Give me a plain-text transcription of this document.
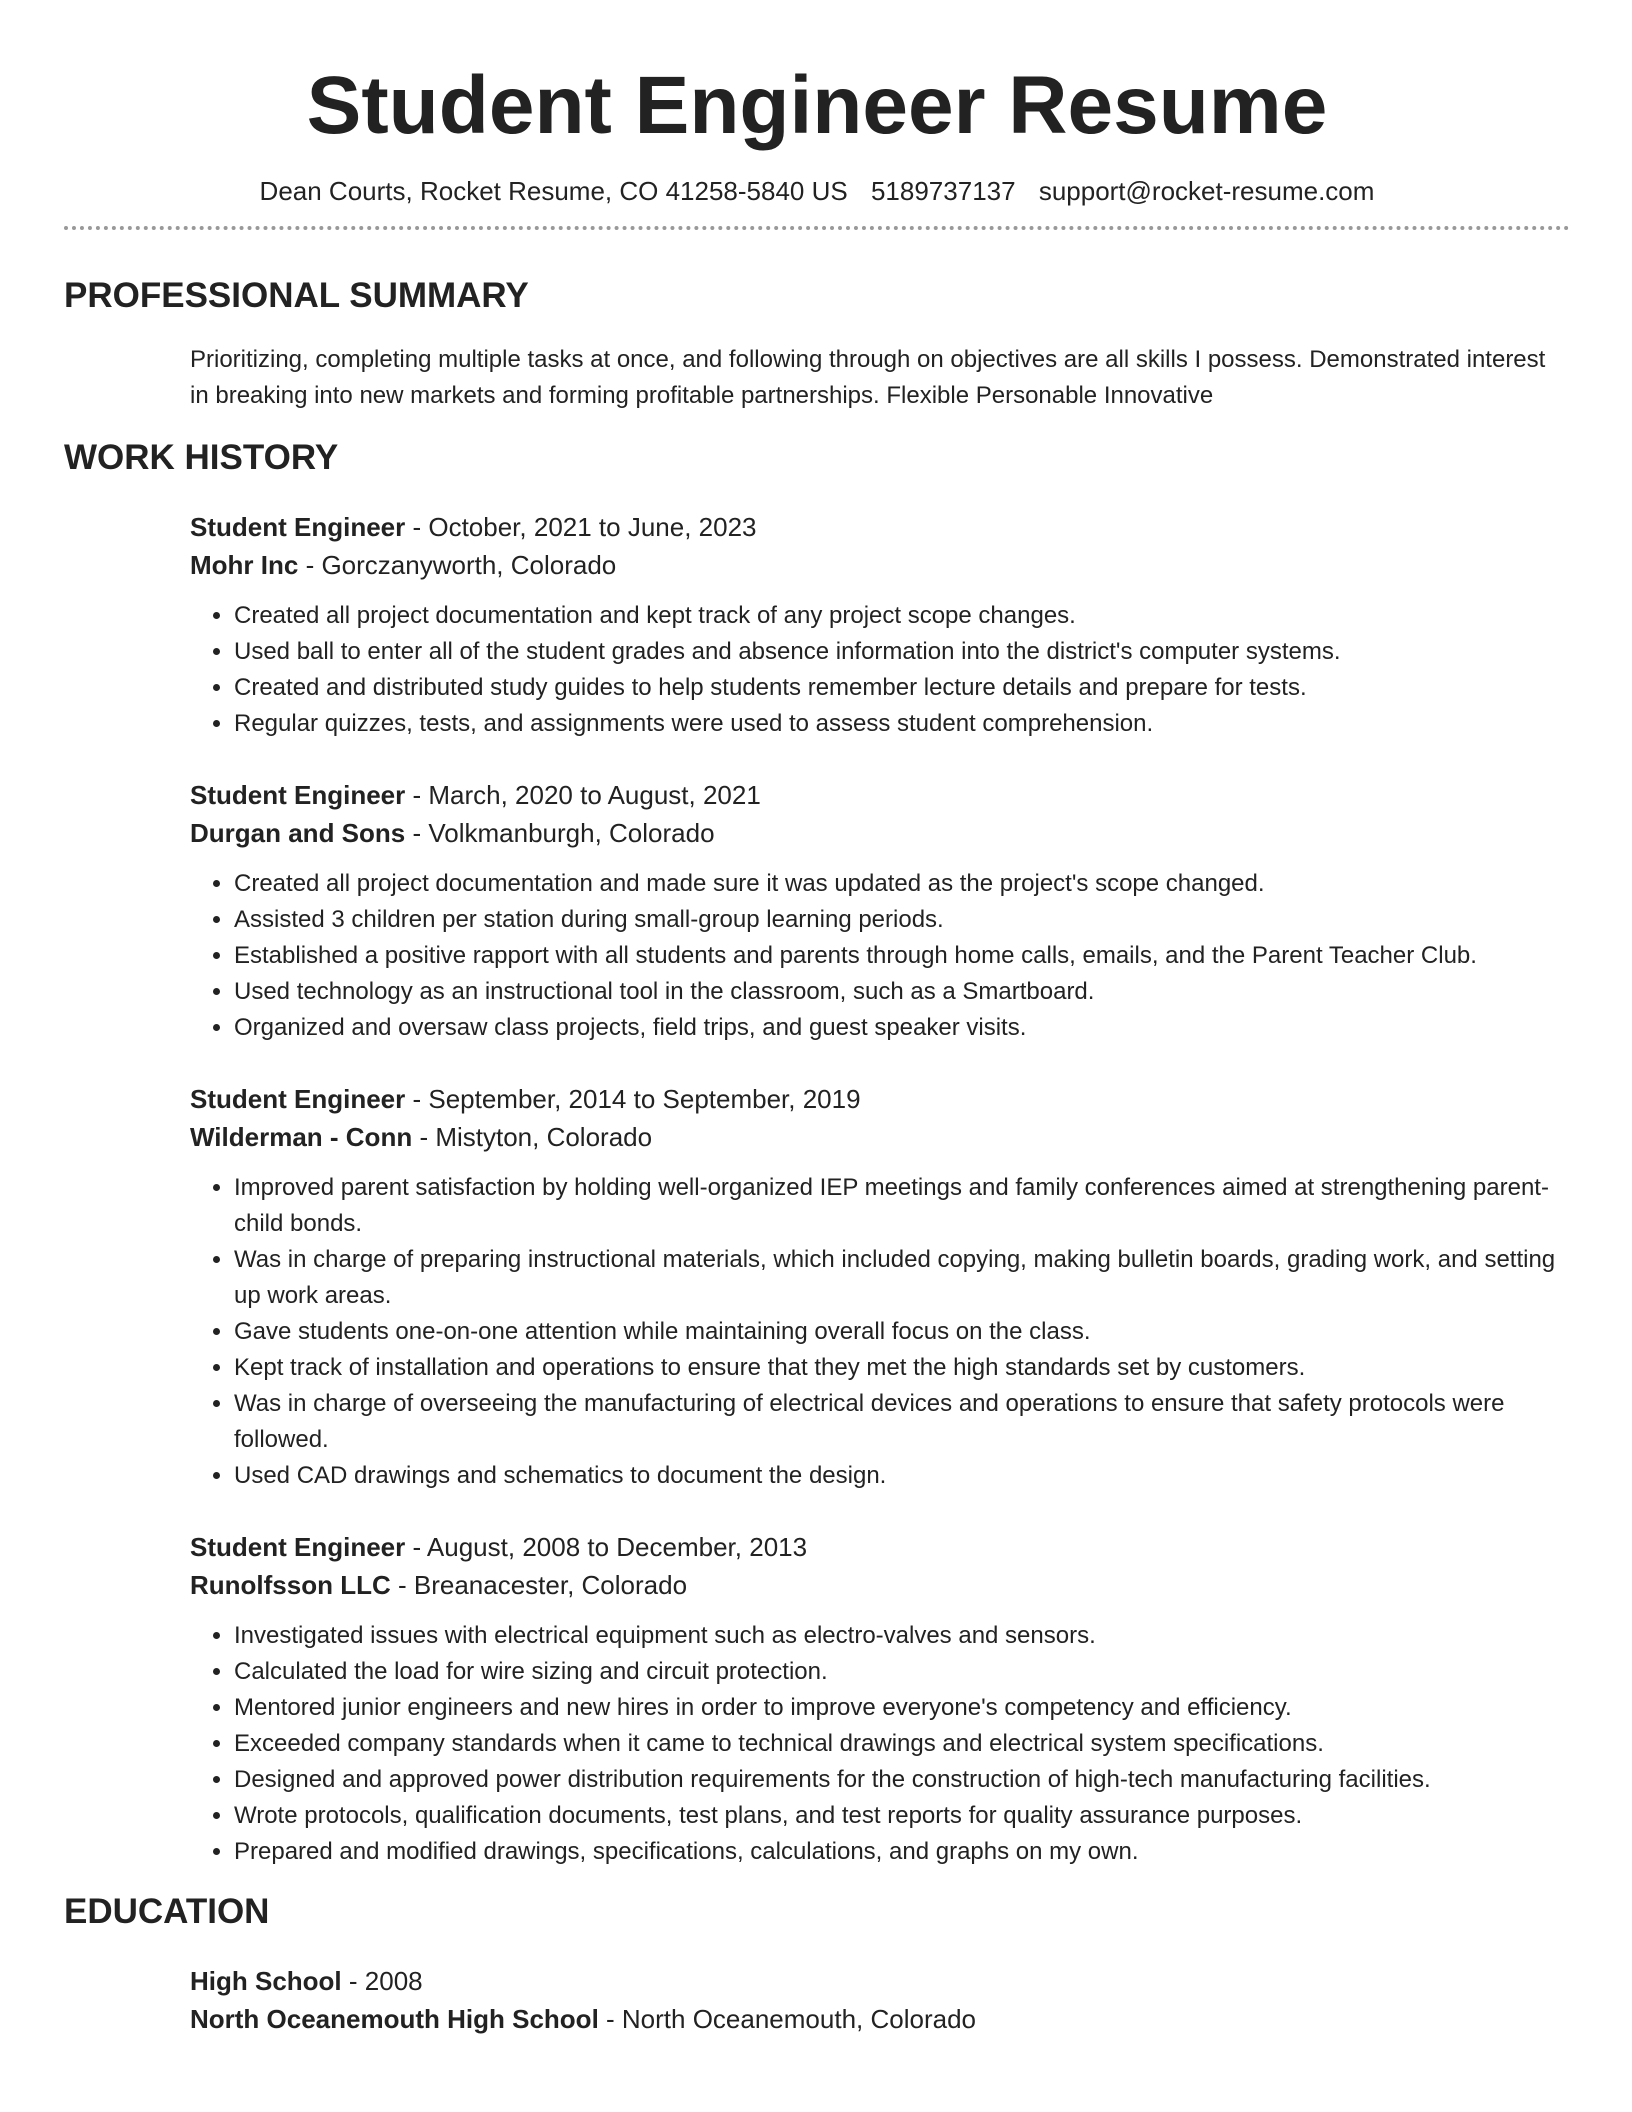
Student Engineer Resume
Dean Courts, Rocket Resume, CO 41258-5840 US 5189737137 support@rocket-resume.com
PROFESSIONAL SUMMARY
Prioritizing, completing multiple tasks at once, and following through on objectives are all skills I possess. Demonstrated interest in breaking into new markets and forming profitable partnerships. Flexible Personable Innovative
WORK HISTORY
Student Engineer - October, 2021 to June, 2023
Mohr Inc - Gorczanyworth, Colorado
• Created all project documentation and kept track of any project scope changes.
• Used ball to enter all of the student grades and absence information into the district's computer systems.
• Created and distributed study guides to help students remember lecture details and prepare for tests.
• Regular quizzes, tests, and assignments were used to assess student comprehension.
Student Engineer - March, 2020 to August, 2021
Durgan and Sons - Volkmanburgh, Colorado
• Created all project documentation and made sure it was updated as the project's scope changed.
• Assisted 3 children per station during small-group learning periods.
• Established a positive rapport with all students and parents through home calls, emails, and the Parent Teacher Club.
• Used technology as an instructional tool in the classroom, such as a Smartboard.
• Organized and oversaw class projects, field trips, and guest speaker visits.
Student Engineer - September, 2014 to September, 2019
Wilderman - Conn - Mistyton, Colorado
• Improved parent satisfaction by holding well-organized IEP meetings and family conferences aimed at strengthening parent-child bonds.
• Was in charge of preparing instructional materials, which included copying, making bulletin boards, grading work, and setting up work areas.
• Gave students one-on-one attention while maintaining overall focus on the class.
• Kept track of installation and operations to ensure that they met the high standards set by customers.
• Was in charge of overseeing the manufacturing of electrical devices and operations to ensure that safety protocols were followed.
• Used CAD drawings and schematics to document the design.
Student Engineer - August, 2008 to December, 2013
Runolfsson LLC - Breanacester, Colorado
• Investigated issues with electrical equipment such as electro-valves and sensors.
• Calculated the load for wire sizing and circuit protection.
• Mentored junior engineers and new hires in order to improve everyone's competency and efficiency.
• Exceeded company standards when it came to technical drawings and electrical system specifications.
• Designed and approved power distribution requirements for the construction of high-tech manufacturing facilities.
• Wrote protocols, qualification documents, test plans, and test reports for quality assurance purposes.
• Prepared and modified drawings, specifications, calculations, and graphs on my own.
EDUCATION
High School - 2008
North Oceanemouth High School - North Oceanemouth, Colorado
